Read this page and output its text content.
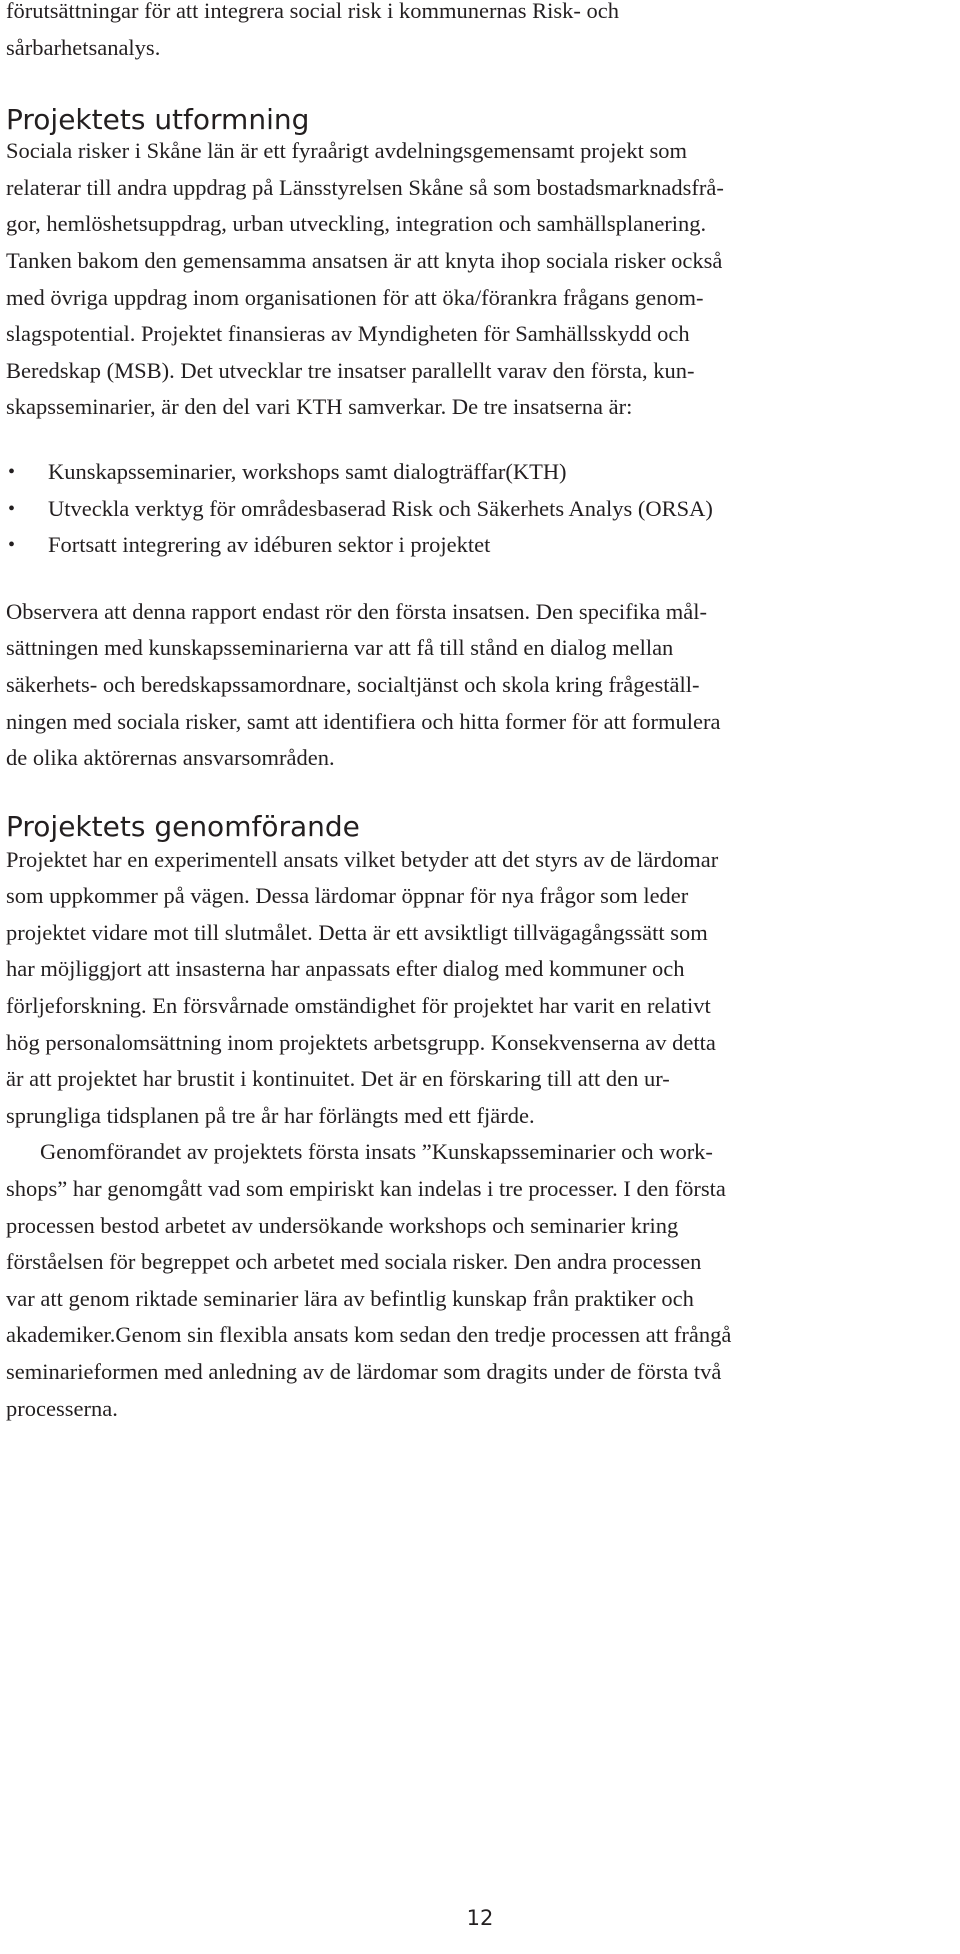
förutsättningar för att integrera social risk i kommunernas Risk- och
sårbarhetsanalys.

Projektets utformning

Sociala risker i Skåne län är ett fyraårigt avdelningsgemensamt projekt som
relaterar till andra uppdrag på Länsstyrelsen Skåne så som bostadsmarknadsfrå-
gor, hemlöshetsuppdrag, urban utveckling, integration och samhällsplanering.
Tanken bakom den gemensamma ansatsen är att knyta ihop sociala risker också
med övriga uppdrag inom organisationen för att öka/förankra frågans genom-
slagspotential. Projektet finansieras av Myndigheten för Samhällsskydd och
Beredskap (MSB). Det utvecklar tre insatser parallellt varav den första, kun-
skapsseminarier, är den del vari KTH samverkar. De tre insatserna är:

• Kunskapsseminarier, workshops samt dialogträffar(KTH)
• Utveckla verktyg för områdesbaserad Risk och Säkerhets Analys (ORSA)
• Fortsatt integrering av idéburen sektor i projektet

Observera att denna rapport endast rör den första insatsen. Den specifika mål-
sättningen med kunskapsseminarierna var att få till stånd en dialog mellan
säkerhets- och beredskapssamordnare, socialtjänst och skola kring frågeställ-
ningen med sociala risker, samt att identifiera och hitta former för att formulera
de olika aktörernas ansvarsområden.

Projektets genomförande

Projektet har en experimentell ansats vilket betyder att det styrs av de lärdomar
som uppkommer på vägen. Dessa lärdomar öppnar för nya frågor som leder
projektet vidare mot till slutmålet. Detta är ett avsiktligt tillvägagångssätt som
har möjliggjort att insasterna har anpassats efter dialog med kommuner och
förljeforskning. En försvårnade omständighet för projektet har varit en relativt
hög personalomsättning inom projektets arbetsgrupp. Konsekvenserna av detta
är att projektet har brustit i kontinuitet. Det är en förskaring till att den ur-
sprungliga tidsplanen på tre år har förlängts med ett fjärde.

Genomförandet av projektets första insats ”Kunskapsseminarier och work-
shops” har genomgått vad som empiriskt kan indelas i tre processer. I den första
processen bestod arbetet av undersökande workshops och seminarier kring
förståelsen för begreppet och arbetet med sociala risker. Den andra processen
var att genom riktade seminarier lära av befintlig kunskap från praktiker och
akademiker.Genom sin flexibla ansats kom sedan den tredje processen att frångå
seminarieformen med anledning av de lärdomar som dragits under de första två
processerna.

12
